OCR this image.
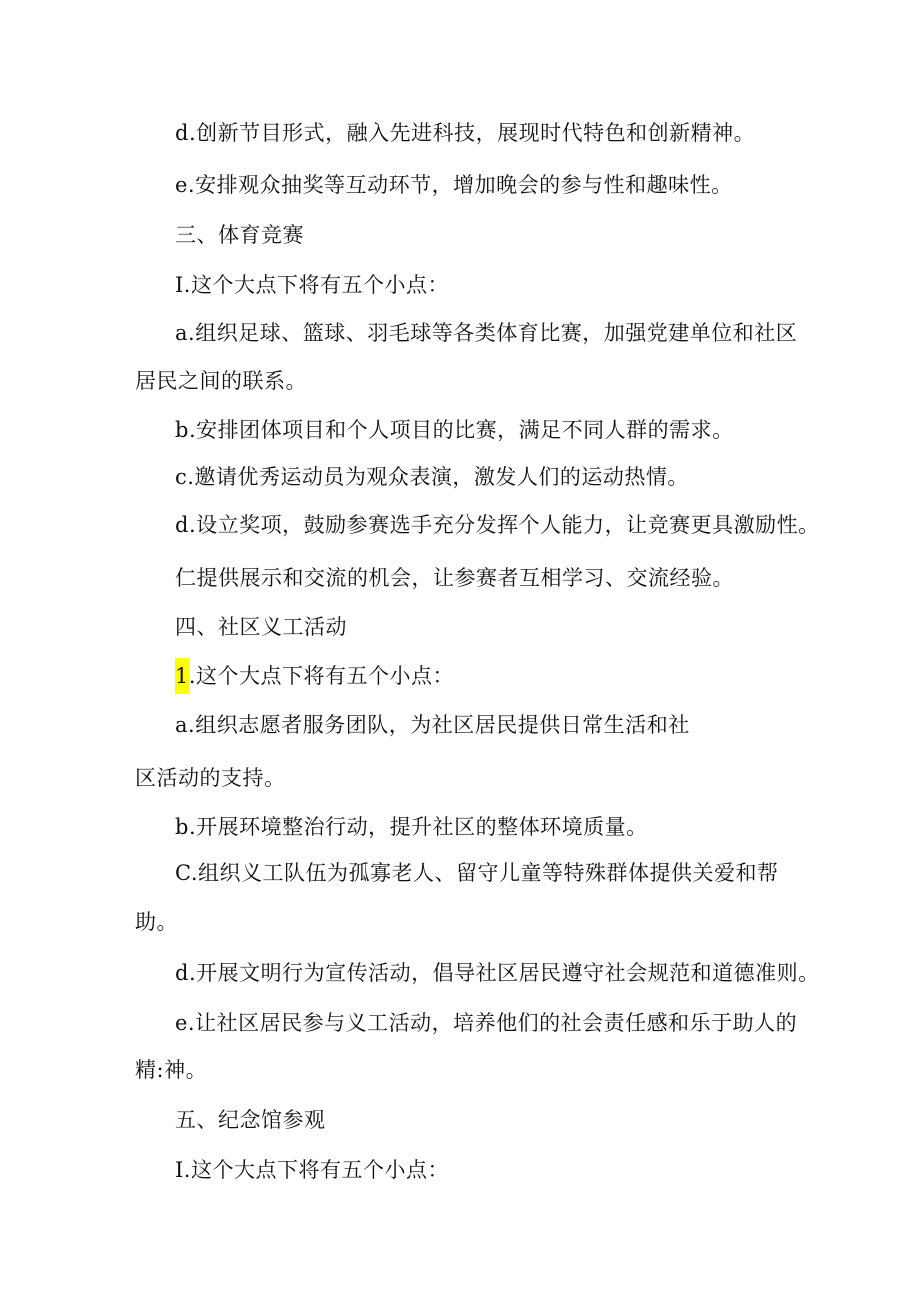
d.创新节目形式，融入先进科技，展现时代特色和创新精神。
e.安排观众抽奖等互动环节，增加晚会的参与性和趣味性。
三、体育竞赛
I.这个大点下将有五个小点：
a.组织足球、篮球、羽毛球等各类体育比赛，加强党建单位和社区
居民之间的联系。
b.安排团体项目和个人项目的比赛，满足不同人群的需求。
c.邀请优秀运动员为观众表演，激发人们的运动热情。
d.设立奖项，鼓励参赛选手充分发挥个人能力，让竞赛更具激励性。
仁提供展示和交流的机会，让参赛者互相学习、交流经验。
四、社区义工活动
1.这个大点下将有五个小点：
a.组织志愿者服务团队，为社区居民提供日常生活和社
区活动的支持。
b.开展环境整治行动，提升社区的整体环境质量。
C.组织义工队伍为孤寡老人、留守儿童等特殊群体提供关爱和帮
助。
d.开展文明行为宣传活动，倡导社区居民遵守社会规范和道德准则。
e.让社区居民参与义工活动，培养他们的社会责任感和乐于助人的
精:神。
五、纪念馆参观
I.这个大点下将有五个小点：
